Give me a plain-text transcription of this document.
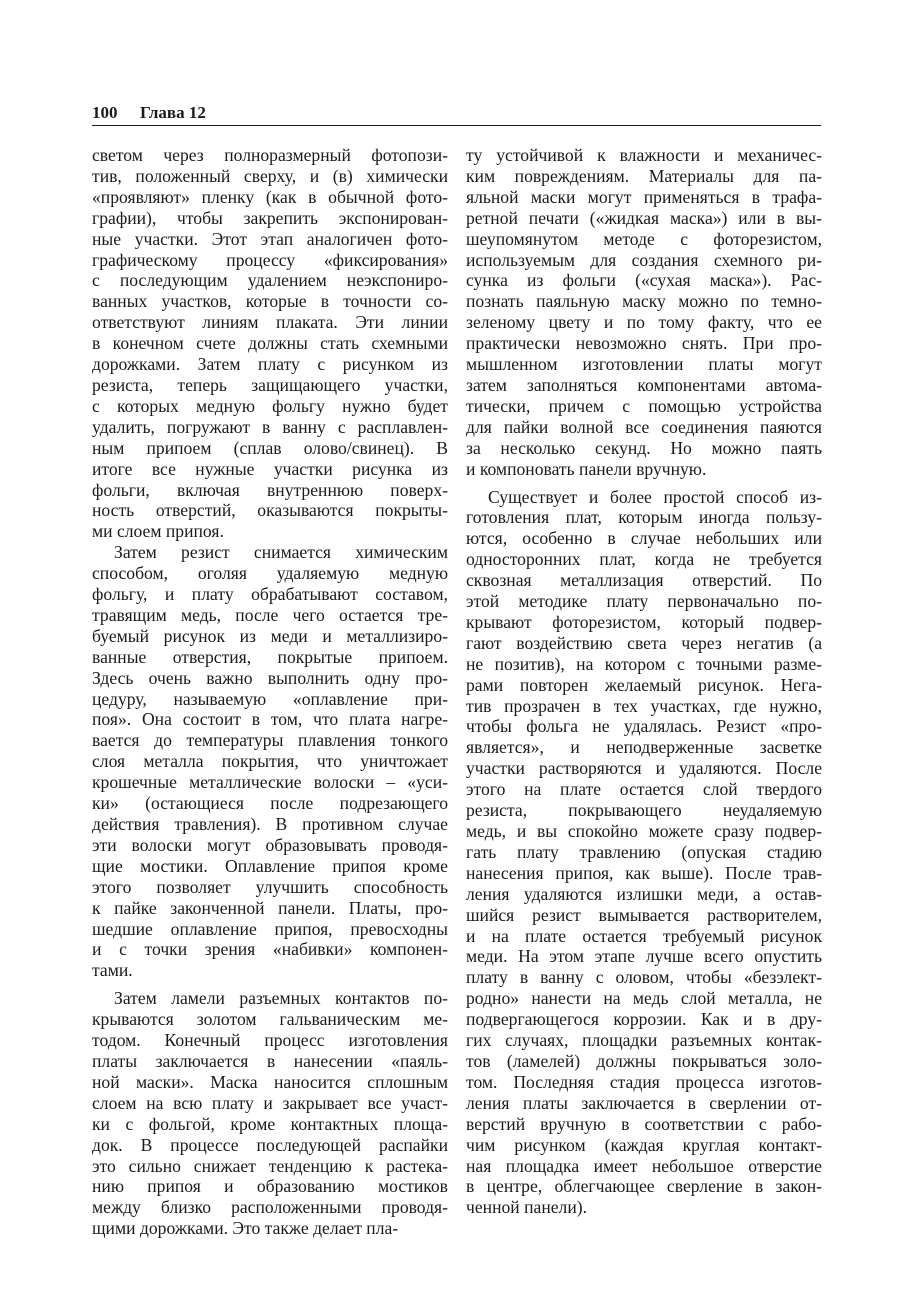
100 Глава 12
светом через полноразмерный фотопози-
тив, положенный сверху, и (в) химически
«проявляют» пленку (как в обычной фото-
графии), чтобы закрепить экспонирован-
ные участки. Этот этап аналогичен фото-
графическому процессу «фиксирования»
с последующим удалением неэкспониро-
ванных участков, которые в точности со-
ответствуют линиям плаката. Эти линии
в конечном счете должны стать схемными
дорожками. Затем плату с рисунком из
резиста, теперь защищающего участки,
с которых медную фольгу нужно будет
удалить, погружают в ванну с расплавлен-
ным припоем (сплав олово/свинец). В
итоге все нужные участки рисунка из
фольги, включая внутреннюю поверх-
ность отверстий, оказываются покрыты-
ми слоем припоя.
Затем резист снимается химическим
способом, оголяя удаляемую медную
фольгу, и плату обрабатывают составом,
травящим медь, после чего остается тре-
буемый рисунок из меди и металлизиро-
ванные отверстия, покрытые припоем.
Здесь очень важно выполнить одну про-
цедуру, называемую «оплавление при-
поя». Она состоит в том, что плата нагре-
вается до температуры плавления тонкого
слоя металла покрытия, что уничтожает
крошечные металлические волоски – «уси-
ки» (остающиеся после подрезающего
действия травления). В противном случае
эти волоски могут образовывать проводя-
щие мостики. Оплавление припоя кроме
этого позволяет улучшить способность
к пайке законченной панели. Платы, про-
шедшие оплавление припоя, превосходны
и с точки зрения «набивки» компонен-
тами.
Затем ламели разъемных контактов по-
крываются золотом гальваническим ме-
тодом. Конечный процесс изготовления
платы заключается в нанесении «паяль-
ной маски». Маска наносится сплошным
слоем на всю плату и закрывает все участ-
ки с фольгой, кроме контактных площа-
док. В процессе последующей распайки
это сильно снижает тенденцию к растека-
нию припоя и образованию мостиков
между близко расположенными проводя-
щими дорожками. Это также делает пла-
ту устойчивой к влажности и механичес-
ким повреждениям. Материалы для па-
яльной маски могут применяться в трафа-
ретной печати («жидкая маска») или в вы-
шеупомянутом методе с фоторезистом,
используемым для создания схемного ри-
сунка из фольги («сухая маска»). Рас-
познать паяльную маску можно по темно-
зеленому цвету и по тому факту, что ее
практически невозможно снять. При про-
мышленном изготовлении платы могут
затем заполняться компонентами автома-
тически, причем с помощью устройства
для пайки волной все соединения паяются
за несколько секунд. Но можно паять
и компоновать панели вручную.
Существует и более простой способ из-
готовления плат, которым иногда пользу-
ются, особенно в случае небольших или
односторонних плат, когда не требуется
сквозная металлизация отверстий. По
этой методике плату первоначально по-
крывают фоторезистом, который подвер-
гают воздействию света через негатив (а
не позитив), на котором с точными разме-
рами повторен желаемый рисунок. Нега-
тив прозрачен в тех участках, где нужно,
чтобы фольга не удалялась. Резист «про-
является», и неподверженные засветке
участки растворяются и удаляются. После
этого на плате остается слой твердого
резиста, покрывающего неудаляемую
медь, и вы спокойно можете сразу подвер-
гать плату травлению (опуская стадию
нанесения припоя, как выше). После трав-
ления удаляются излишки меди, а остав-
шийся резист вымывается растворителем,
и на плате остается требуемый рисунок
меди. На этом этапе лучше всего опустить
плату в ванну с оловом, чтобы «безэлект-
родно» нанести на медь слой металла, не
подвергающегося коррозии. Как и в дру-
гих случаях, площадки разъемных контак-
тов (ламелей) должны покрываться золо-
том. Последняя стадия процесса изготов-
ления платы заключается в сверлении от-
верстий вручную в соответствии с рабо-
чим рисунком (каждая круглая контакт-
ная площадка имеет небольшое отверстие
в центре, облегчающее сверление в закон-
ченной панели).
